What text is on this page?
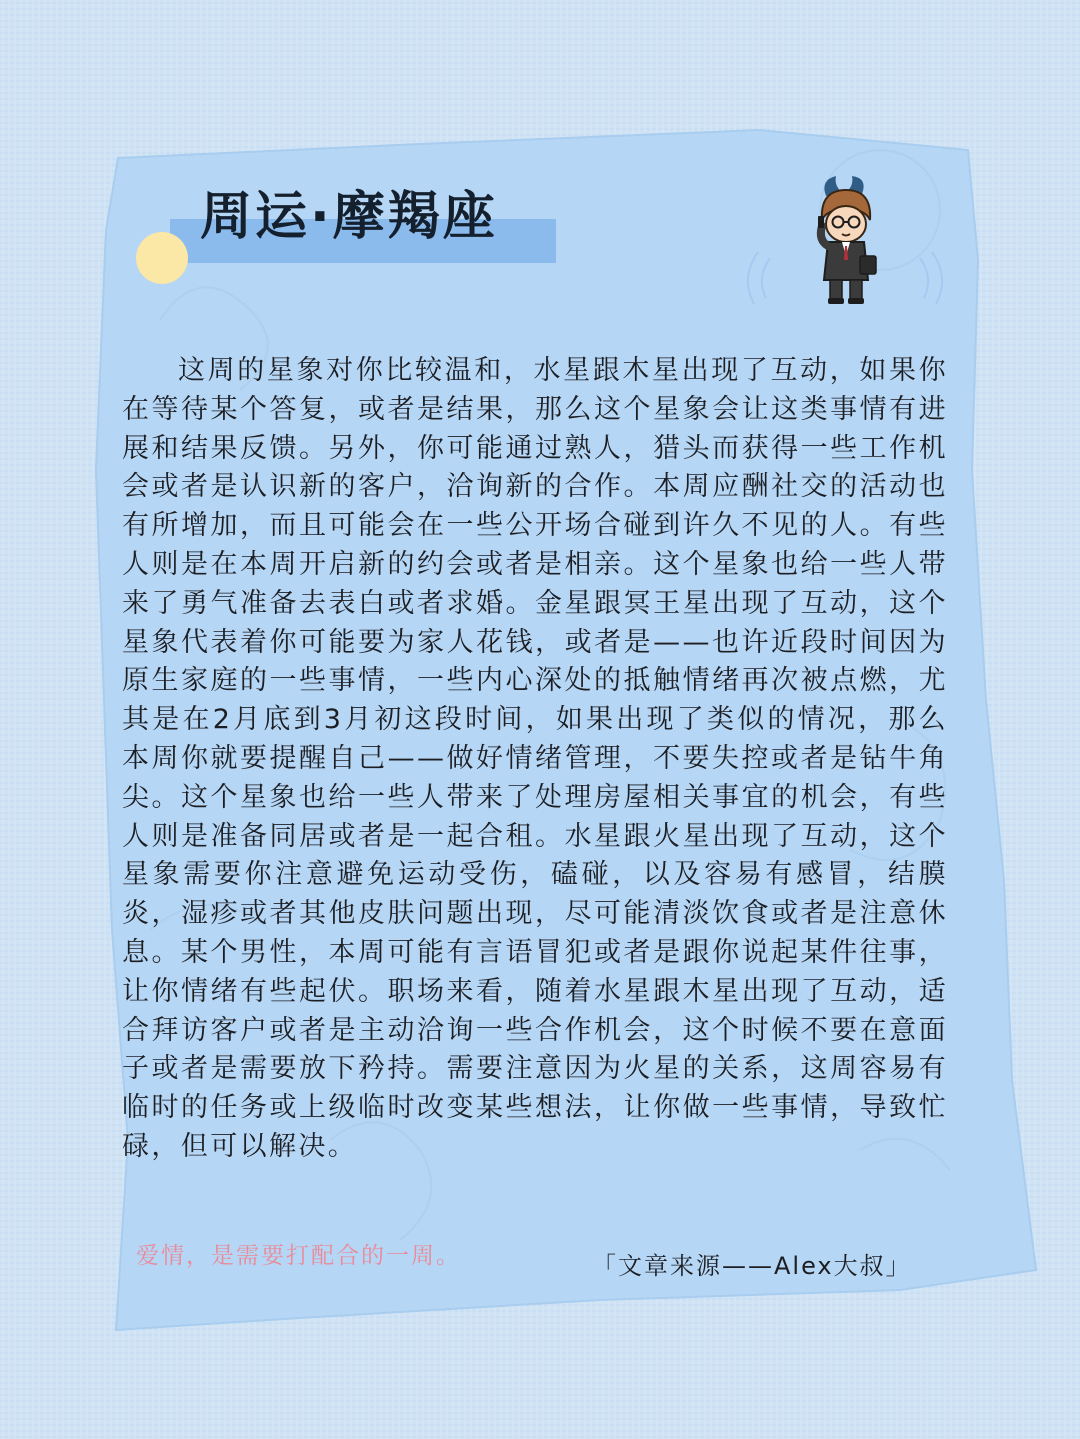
周运·摩羯座

这周的星象对你比较温和，水星跟木星出现了互动，如果你在等待某个答复，或者是结果，那么这个星象会让这类事情有进展和结果反馈。另外，你可能通过熟人，猎头而获得一些工作机会或者是认识新的客户，洽询新的合作。本周应酬社交的活动也有所增加，而且可能会在一些公开场合碰到许久不见的人。有些人则是在本周开启新的约会或者是相亲。这个星象也给一些人带来了勇气准备去表白或者求婚。金星跟冥王星出现了互动，这个星象代表着你可能要为家人花钱，或者是——也许近段时间因为原生家庭的一些事情，一些内心深处的抵触情绪再次被点燃，尤其是在2月底到3月初这段时间，如果出现了类似的情况，那么本周你就要提醒自己——做好情绪管理，不要失控或者是钻牛角尖。这个星象也给一些人带来了处理房屋相关事宜的机会，有些人则是准备同居或者是一起合租。水星跟火星出现了互动，这个星象需要你注意避免运动受伤，磕碰，以及容易有感冒，结膜炎，湿疹或者其他皮肤问题出现，尽可能清淡饮食或者是注意休息。某个男性，本周可能有言语冒犯或者是跟你说起某件往事，让你情绪有些起伏。职场来看，随着水星跟木星出现了互动，适合拜访客户或者是主动洽询一些合作机会，这个时候不要在意面子或者是需要放下矜持。需要注意因为火星的关系，这周容易有临时的任务或上级临时改变某些想法，让你做一些事情，导致忙碌，但可以解决。

爱情，是需要打配合的一周。	「文章来源——Alex大叔」
